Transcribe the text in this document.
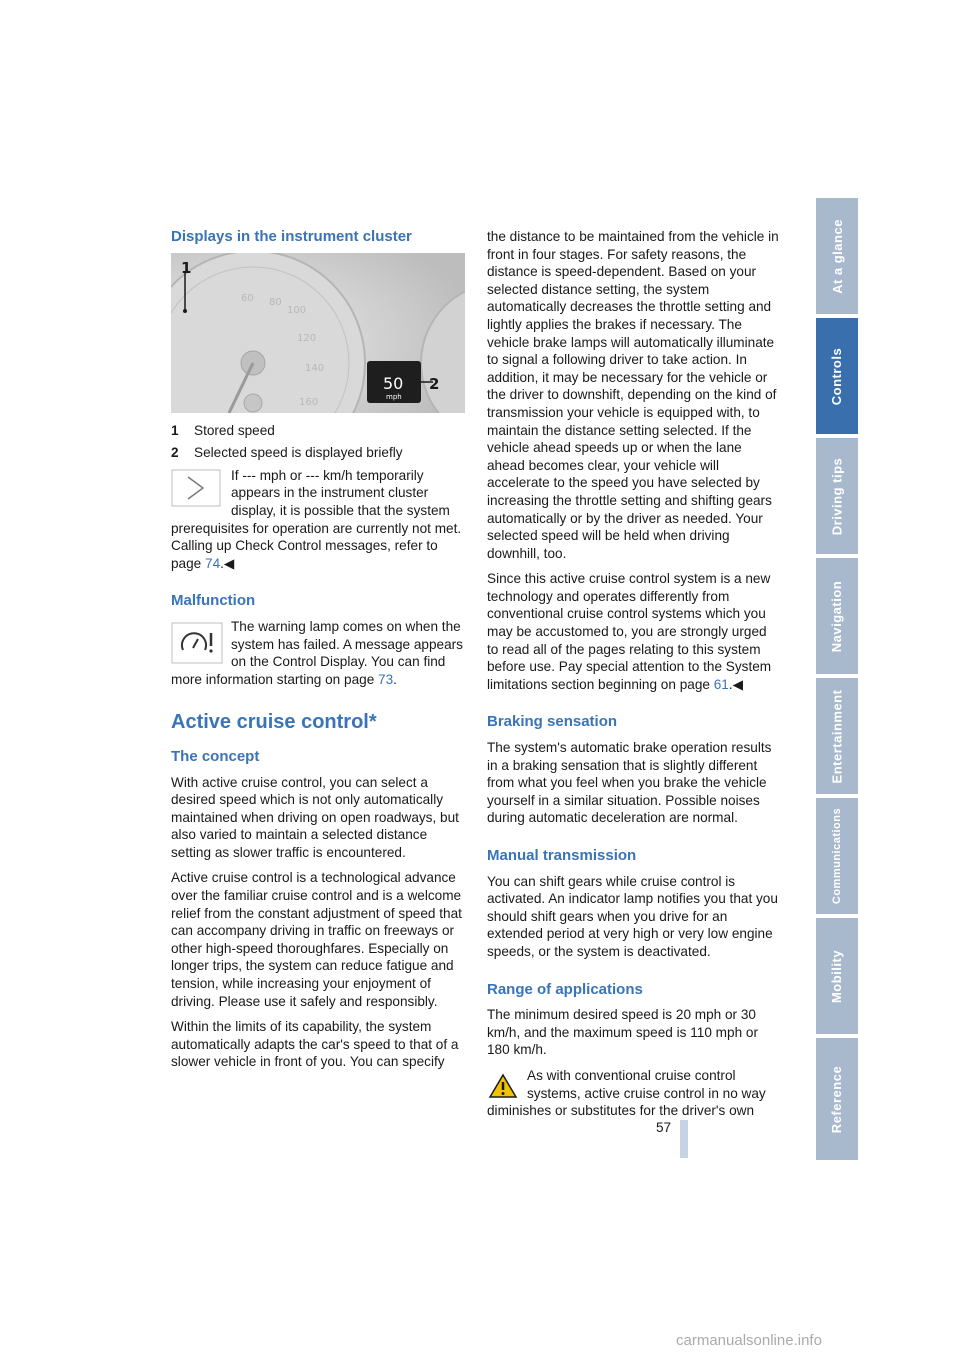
Displays in the instrument cluster
60 80
100
120
140
160
1
50
mph
2
1	Stored speed
2	Selected speed is displayed briefly

If --- mph or --- km/h temporarily appears in the instrument cluster display, it is possible that the system prerequisites for operation are currently not met.
Calling up Check Control messages, refer to page 74.◀

Malfunction

The warning lamp comes on when the system has failed. A message appears on the Control Display. You can find more information starting on page 73.

Active cruise control*
The concept

With active cruise control, you can select a desired speed which is not only automatically maintained when driving on open roadways, but also varied to maintain a selected distance setting as slower traffic is encountered.

Active cruise control is a technological advance over the familiar cruise control and is a welcome relief from the constant adjustment of speed that can accompany driving in traffic on freeways or other high-speed thoroughfares. Especially on longer trips, the system can reduce fatigue and tension, while increasing your enjoyment of driving. Please use it safely and responsibly.

Within the limits of its capability, the system automatically adapts the car's speed to that of a slower vehicle in front of you. You can specify

the distance to be maintained from the vehicle in front in four stages. For safety reasons, the distance is speed-dependent. Based on your selected distance setting, the system automatically decreases the throttle setting and lightly applies the brakes if necessary. The vehicle brake lamps will automatically illuminate to signal a following driver to take action. In addition, it may be necessary for the vehicle or the driver to downshift, depending on the kind of transmission your vehicle is equipped with, to maintain the distance setting selected. If the vehicle ahead speeds up or when the lane ahead becomes clear, your vehicle will accelerate to the speed you have selected by increasing the throttle setting and shifting gears automatically or by the driver as needed. Your selected speed will be held when driving downhill, too.

Since this active cruise control system is a new technology and operates differently from conventional cruise control systems which you may be accustomed to, you are strongly urged to read all of the pages relating to this system before use. Pay special attention to the System limitations section beginning on page 61.◀

Braking sensation

The system's automatic brake operation results in a braking sensation that is slightly different from what you feel when you brake the vehicle yourself in a similar situation. Possible noises during automatic deceleration are normal.

Manual transmission

You can shift gears while cruise control is activated. An indicator lamp notifies you that you should shift gears when you drive for an extended period at very high or very low engine speeds, or the system is deactivated.

Range of applications

The minimum desired speed is 20 mph or 30 km/h, and the maximum speed is 110 mph or 180 km/h.

As with conventional cruise control systems, active cruise control in no way diminishes or substitutes for the driver's own

At a glance
Controls
Driving tips
Navigation
Entertainment
Communications
Mobility
Reference
57
carmanualsonline.info
